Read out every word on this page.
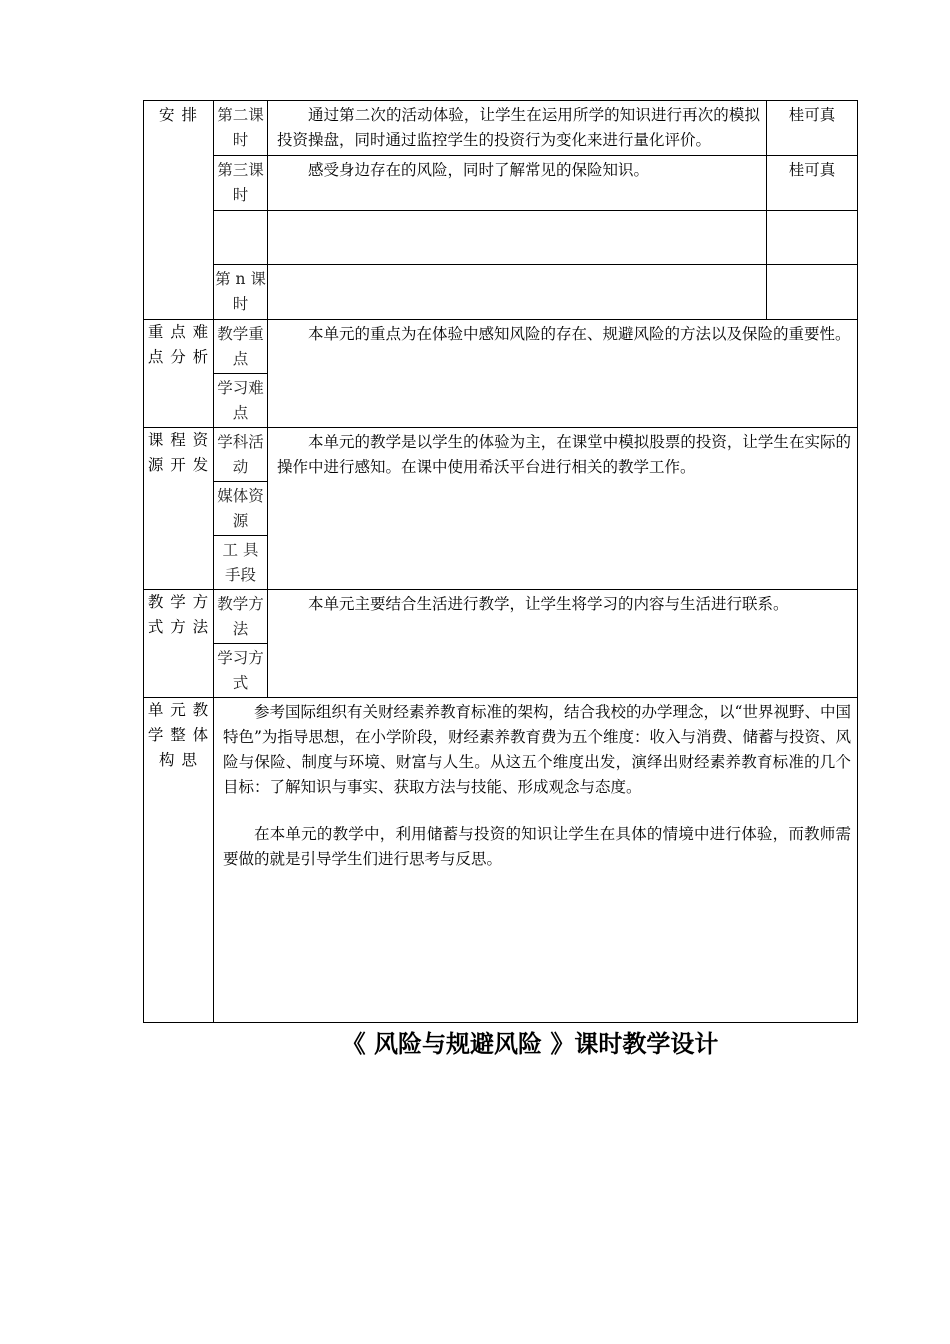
安 排	第二课时	通过第二次的活动体验，让学生在运用所学的知识进行再次的模拟投资操盘，同时通过监控学生的投资行为变化来进行量化评价。	桂可真
	第三课时	感受身边存在的风险，同时了解常见的保险知识。	桂可真

	第 n 课时		
重 点 难 点 分 析	教学重点	本单元的重点为在体验中感知风险的存在、规避风险的方法以及保险的重要性。	

	学习难点		
课 程 资 源 开 发	学科活动	本单元的教学是以学生的体验为主，在课堂中模拟股票的投资，让学生在实际的操作中进行感知。在课中使用希沃平台进行相关的教学工作。	

	媒体资源		
	工 具 手段		
教 学 方 式 方 法	教学方法	本单元主要结合生活进行教学，让学生将学习的内容与生活进行联系。	

	学习方式		
单 元 教 学 整 体 构 思	参考国际组织有关财经素养教育标准的架构，结合我校的办学理念，以“世界视野、中国特色”为指导思想，在小学阶段，财经素养教育费为五个维度：收入与消费、储蓄与投资、风险与保险、制度与环境、财富与人生。从这五个维度出发，演绎出财经素养教育标准的几个目标：了解知识与事实、获取方法与技能、形成观念与态度。

在本单元的教学中，利用储蓄与投资的知识让学生在具体的情境中进行体验，而教师需要做的就是引导学生们进行思考与反思。		

《 风险与规避风险 》课时教学设计
